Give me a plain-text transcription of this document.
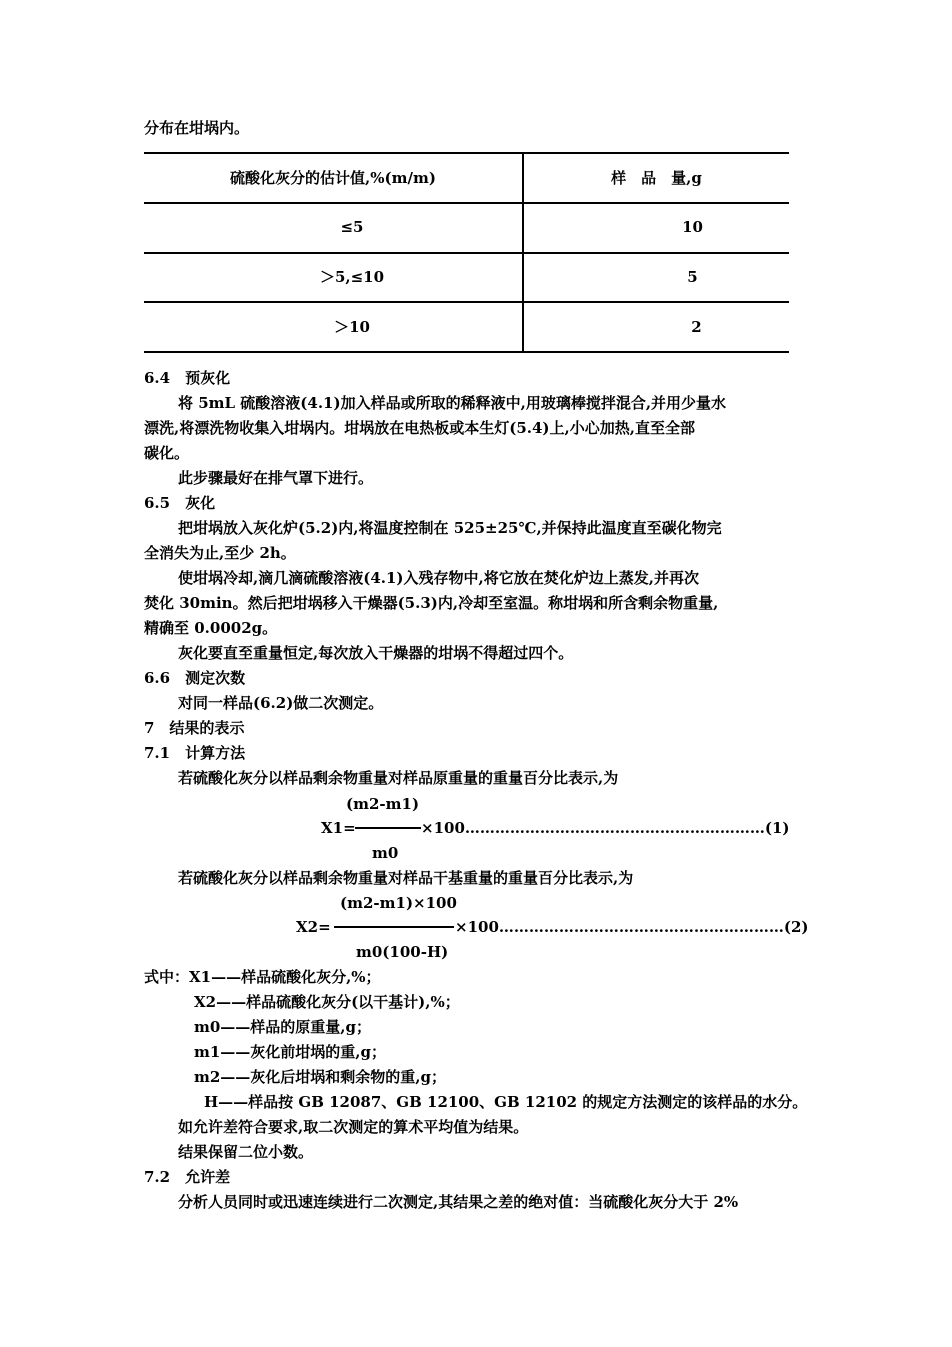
分布在坩埚内。
硫酸化灰分的估计值,%(m/m)	样　品　量,g
≤5	10
＞5,≤10	5
＞10	2
6.4　预灰化
将 5mL 硫酸溶液(4.1)加入样品或所取的稀释液中,用玻璃棒搅拌混合,并用少量水
漂洗,将漂洗物收集入坩埚内。坩埚放在电热板或本生灯(5.4)上,小心加热,直至全部
碳化。
此步骤最好在排气罩下进行。
6.5　灰化
把坩埚放入灰化炉(5.2)内,将温度控制在 525±25℃,并保持此温度直至碳化物完
全消失为止,至少 2h。
使坩埚冷却,滴几滴硫酸溶液(4.1)入残存物中,将它放在焚化炉边上蒸发,并再次
焚化 30min。然后把坩埚移入干燥器(5.3)内,冷却至室温。称坩埚和所含剩余物重量,
精确至 0.0002g。
灰化要直至重量恒定,每次放入干燥器的坩埚不得超过四个。
6.6　测定次数
对同一样品(6.2)做二次测定。
7　结果的表示
7.1　计算方法
若硫酸化灰分以样品剩余物重量对样品原重量的重量百分比表示,为
(m2-m1)
X1=	×100……………………………………………………(1)
m0
若硫酸化灰分以样品剩余物重量对样品干基重量的重量百分比表示,为
(m2-m1)×100
X2=	×100…………………………………………………(2)
m0(100-H)
式中：X1——样品硫酸化灰分,%；
X2——样品硫酸化灰分(以干基计),%；
m0——样品的原重量,g；
m1——灰化前坩埚的重,g；
m2——灰化后坩埚和剩余物的重,g；
H——样品按 GB 12087、GB 12100、GB 12102 的规定方法测定的该样品的水分。
如允许差符合要求,取二次测定的算术平均值为结果。
结果保留二位小数。
7.2　允许差
分析人员同时或迅速连续进行二次测定,其结果之差的绝对值：当硫酸化灰分大于 2%
